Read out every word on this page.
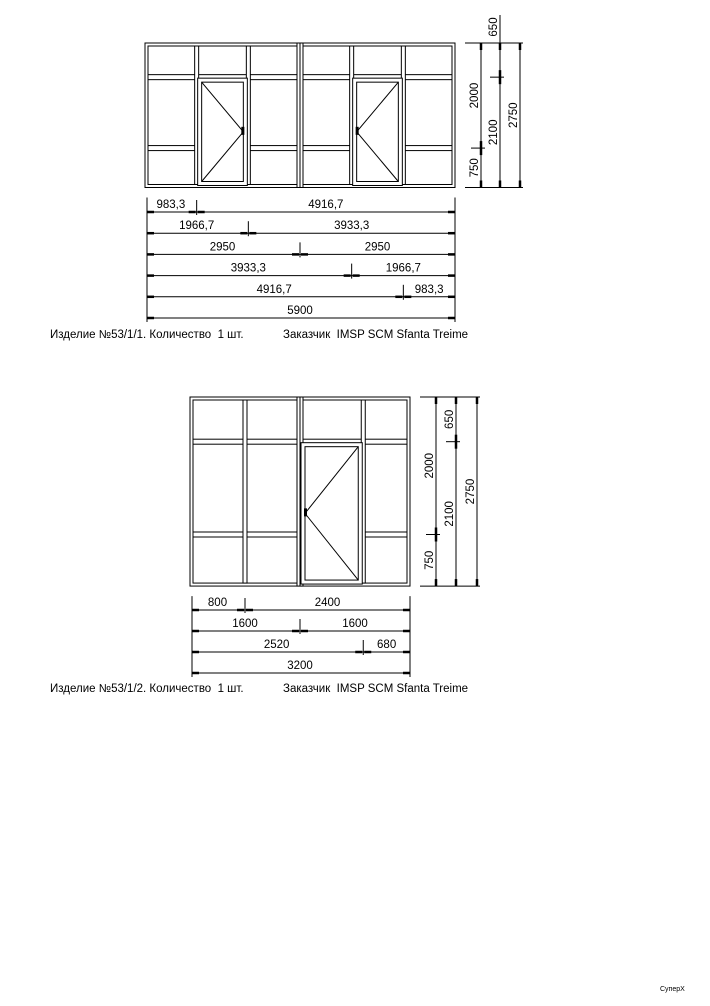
2000
750
650
2100
2750
983,3	4916,7
1966,7	3933,3
2950	2950
3933,3	1966,7
4916,7	983,3
5900
2000
750
650
2100
2750
800	2400
1600	1600
2520	680
3200
СуперX
Изделие №53/1/1. Количество  1 шт.	Заказчик  IMSP SCM Sfanta Treime
Изделие №53/1/2. Количество  1 шт.	Заказчик  IMSP SCM Sfanta Treime
